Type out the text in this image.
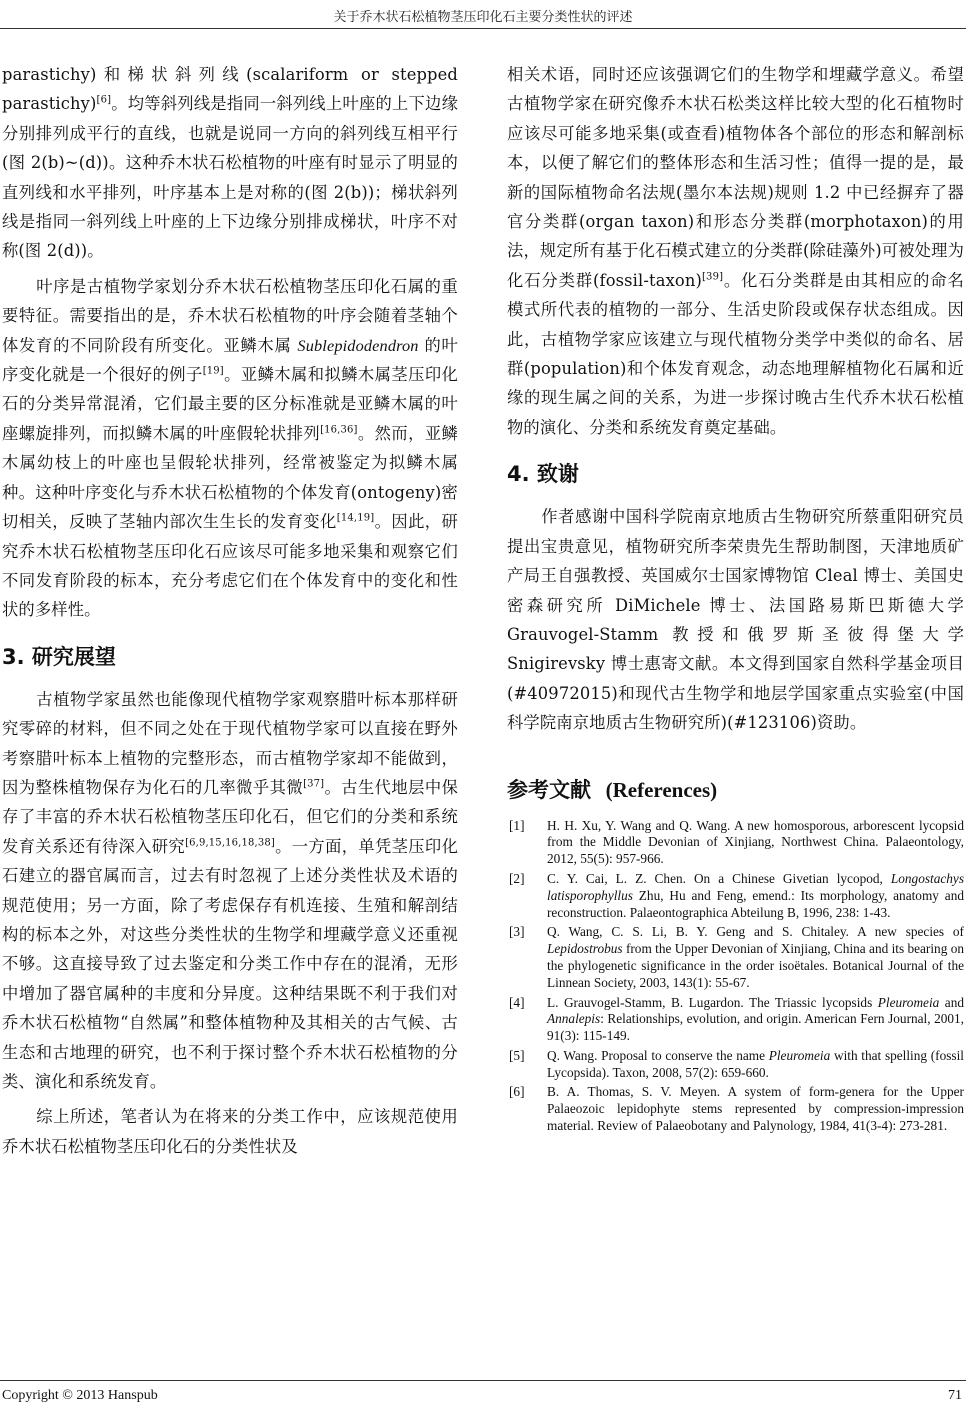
关于乔木状石松植物茎压印化石主要分类性状的评述

parastichy)和梯状斜列线(scalariform or stepped parastichy)[6]。均等斜列线是指同一斜列线上叶座的上下边缘分别排列成平行的直线，也就是说同一方向的斜列线互相平行(图 2(b)~(d))。这种乔木状石松植物的叶座有时显示了明显的直列线和水平排列，叶序基本上是对称的(图 2(b))；梯状斜列线是指同一斜列线上叶座的上下边缘分别排成梯状，叶序不对称(图 2(d))。

叶序是古植物学家划分乔木状石松植物茎压印化石属的重要特征。需要指出的是，乔木状石松植物的叶序会随着茎轴个体发育的不同阶段有所变化。亚鳞木属 Sublepidodendron 的叶序变化就是一个很好的例子[19]。亚鳞木属和拟鳞木属茎压印化石的分类异常混淆，它们最主要的区分标准就是亚鳞木属的叶座螺旋排列，而拟鳞木属的叶座假轮状排列[16,36]。然而，亚鳞木属幼枝上的叶座也呈假轮状排列，经常被鉴定为拟鳞木属种。这种叶序变化与乔木状石松植物的个体发育(ontogeny)密切相关，反映了茎轴内部次生生长的发育变化[14,19]。因此，研究乔木状石松植物茎压印化石应该尽可能多地采集和观察它们不同发育阶段的标本，充分考虑它们在个体发育中的变化和性状的多样性。

3. 研究展望

古植物学家虽然也能像现代植物学家观察腊叶标本那样研究零碎的材料，但不同之处在于现代植物学家可以直接在野外考察腊叶标本上植物的完整形态，而古植物学家却不能做到，因为整株植物保存为化石的几率微乎其微[37]。古生代地层中保存了丰富的乔木状石松植物茎压印化石，但它们的分类和系统发育关系还有待深入研究[6,9,15,16,18,38]。一方面，单凭茎压印化石建立的器官属而言，过去有时忽视了上述分类性状及术语的规范使用；另一方面，除了考虑保存有机连接、生殖和解剖结构的标本之外，对这些分类性状的生物学和埋藏学意义还重视不够。这直接导致了过去鉴定和分类工作中存在的混淆，无形中增加了器官属种的丰度和分异度。这种结果既不利于我们对乔木状石松植物“自然属”和整体植物种及其相关的古气候、古生态和古地理的研究，也不利于探讨整个乔木状石松植物的分类、演化和系统发育。

综上所述，笔者认为在将来的分类工作中，应该规范使用乔木状石松植物茎压印化石的分类性状及

相关术语，同时还应该强调它们的生物学和埋藏学意义。希望古植物学家在研究像乔木状石松类这样比较大型的化石植物时应该尽可能多地采集(或查看)植物体各个部位的形态和解剖标本，以便了解它们的整体形态和生活习性；值得一提的是，最新的国际植物命名法规(墨尔本法规)规则 1.2 中已经摒弃了器官分类群(organ taxon)和形态分类群(morphotaxon)的用法，规定所有基于化石模式建立的分类群(除硅藻外)可被处理为化石分类群(fossil-taxon)[39]。化石分类群是由其相应的命名模式所代表的植物的一部分、生活史阶段或保存状态组成。因此，古植物学家应该建立与现代植物分类学中类似的命名、居群(population)和个体发育观念，动态地理解植物化石属和近缘的现生属之间的关系，为进一步探讨晚古生代乔木状石松植物的演化、分类和系统发育奠定基础。

4. 致谢

作者感谢中国科学院南京地质古生物研究所蔡重阳研究员提出宝贵意见，植物研究所李荣贵先生帮助制图，天津地质矿产局王自强教授、英国威尔士国家博物馆 Cleal 博士、美国史密森研究所 DiMichele 博士、法国路易斯巴斯德大学 Grauvogel-Stamm 教授和俄罗斯圣彼得堡大学 Snigirevsky 博士惠寄文献。本文得到国家自然科学基金项目(#40972015)和现代古生物学和地层学国家重点实验室(中国科学院南京地质古生物研究所)(#123106)资助。

参考文献 (References)
[1] H. H. Xu, Y. Wang and Q. Wang. A new homosporous, arborescent lycopsid from the Middle Devonian of Xinjiang, Northwest China. Palaeontology, 2012, 55(5): 957-966.
[2] C. Y. Cai, L. Z. Chen. On a Chinese Givetian lycopod, Longostachys latisporophyllus Zhu, Hu and Feng, emend.: Its morphology, anatomy and reconstruction. Palaeontographica Abteilung B, 1996, 238: 1-43.
[3] Q. Wang, C. S. Li, B. Y. Geng and S. Chitaley. A new species of Lepidostrobus from the Upper Devonian of Xinjiang, China and its bearing on the phylogenetic significance in the order isoëtales. Botanical Journal of the Linnean Society, 2003, 143(1): 55-67.
[4] L. Grauvogel-Stamm, B. Lugardon. The Triassic lycopsids Pleuromeia and Annalepis: Relationships, evolution, and origin. American Fern Journal, 2001, 91(3): 115-149.
[5] Q. Wang. Proposal to conserve the name Pleuromeia with that spelling (fossil Lycopsida). Taxon, 2008, 57(2): 659-660.
[6] B. A. Thomas, S. V. Meyen. A system of form-genera for the Upper Palaeozoic lepidophyte stems represented by compression-impression material. Review of Palaeobotany and Palynology, 1984, 41(3-4): 273-281.
Copyright © 2013 Hanspub	71
